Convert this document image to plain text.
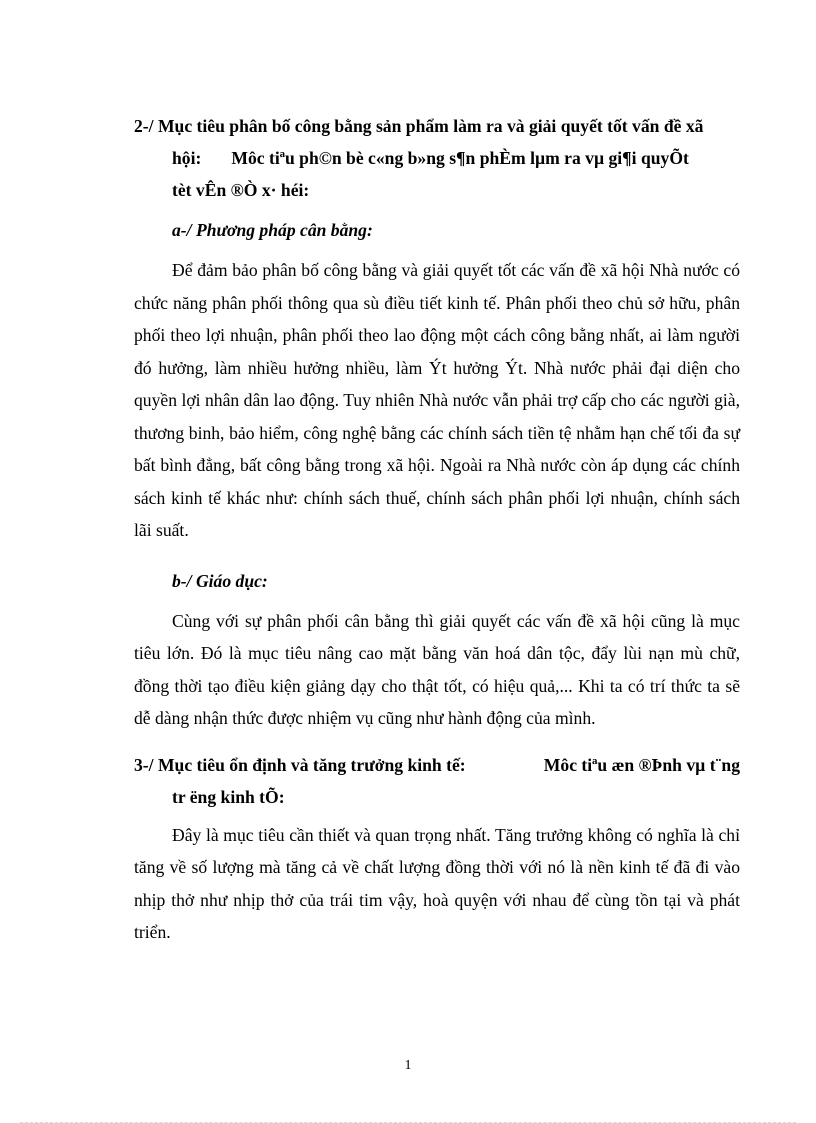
2-/ Mục tiêu phân bố công bằng sản phẩm làm ra và giải quyết tốt vấn đề xã

hội: Môc tiªu ph©n bè c«ng b»ng s¶n phÈm lµm ra vµ gi¶i quyÕt

tèt vÊn ®Ò x· héi:

a-/ Phương pháp cân bằng:

Để đảm bảo phân bố công bằng và giải quyết tốt các vấn đề xã hội Nhà nước có chức năng phân phối thông qua sù điều tiết kinh tế. Phân phối theo chủ sở hữu, phân phối theo lợi nhuận, phân phối theo lao động một cách công bằng nhất, ai làm người đó hưởng, làm nhiều hưởng nhiều, làm Ýt hưởng Ýt. Nhà nước phải đại diện cho quyền lợi nhân dân lao động. Tuy nhiên Nhà nước vẫn phải trợ cấp cho các người già, thương binh, bảo hiểm, công nghệ bằng các chính sách tiền tệ nhằm hạn chế tối đa sự bất bình đẳng, bất công bằng trong xã hội. Ngoài ra Nhà nước còn áp dụng các chính sách kinh tế khác như: chính sách thuế, chính sách phân phối lợi nhuận, chính sách lãi suất.

b-/ Giáo dục:

Cùng với sự phân phối cân bằng thì giải quyết các vấn đề xã hội cũng là mục tiêu lớn. Đó là mục tiêu nâng cao mặt bằng văn hoá dân tộc, đẩy lùi nạn mù chữ, đồng thời tạo điều kiện giảng dạy cho thật tốt, có hiệu quả,... Khi ta có trí thức ta sẽ dễ dàng nhận thức được nhiệm vụ cũng như hành động của mình.

3-/ Mục tiêu ổn định và tăng trưởng kinh tế:	Môc tiªu æn ®Þnh vµ t¨ng

tr ëng kinh tÕ:

Đây là mục tiêu cần thiết và quan trọng nhất. Tăng trưởng không có nghĩa là chỉ tăng về số lượng mà tăng cả về chất lượng đồng thời với nó là nền kinh tế đã đi vào nhịp thở như nhịp thở của trái tim vậy, hoà quyện với nhau để cùng tồn tại và phát triển.

1
